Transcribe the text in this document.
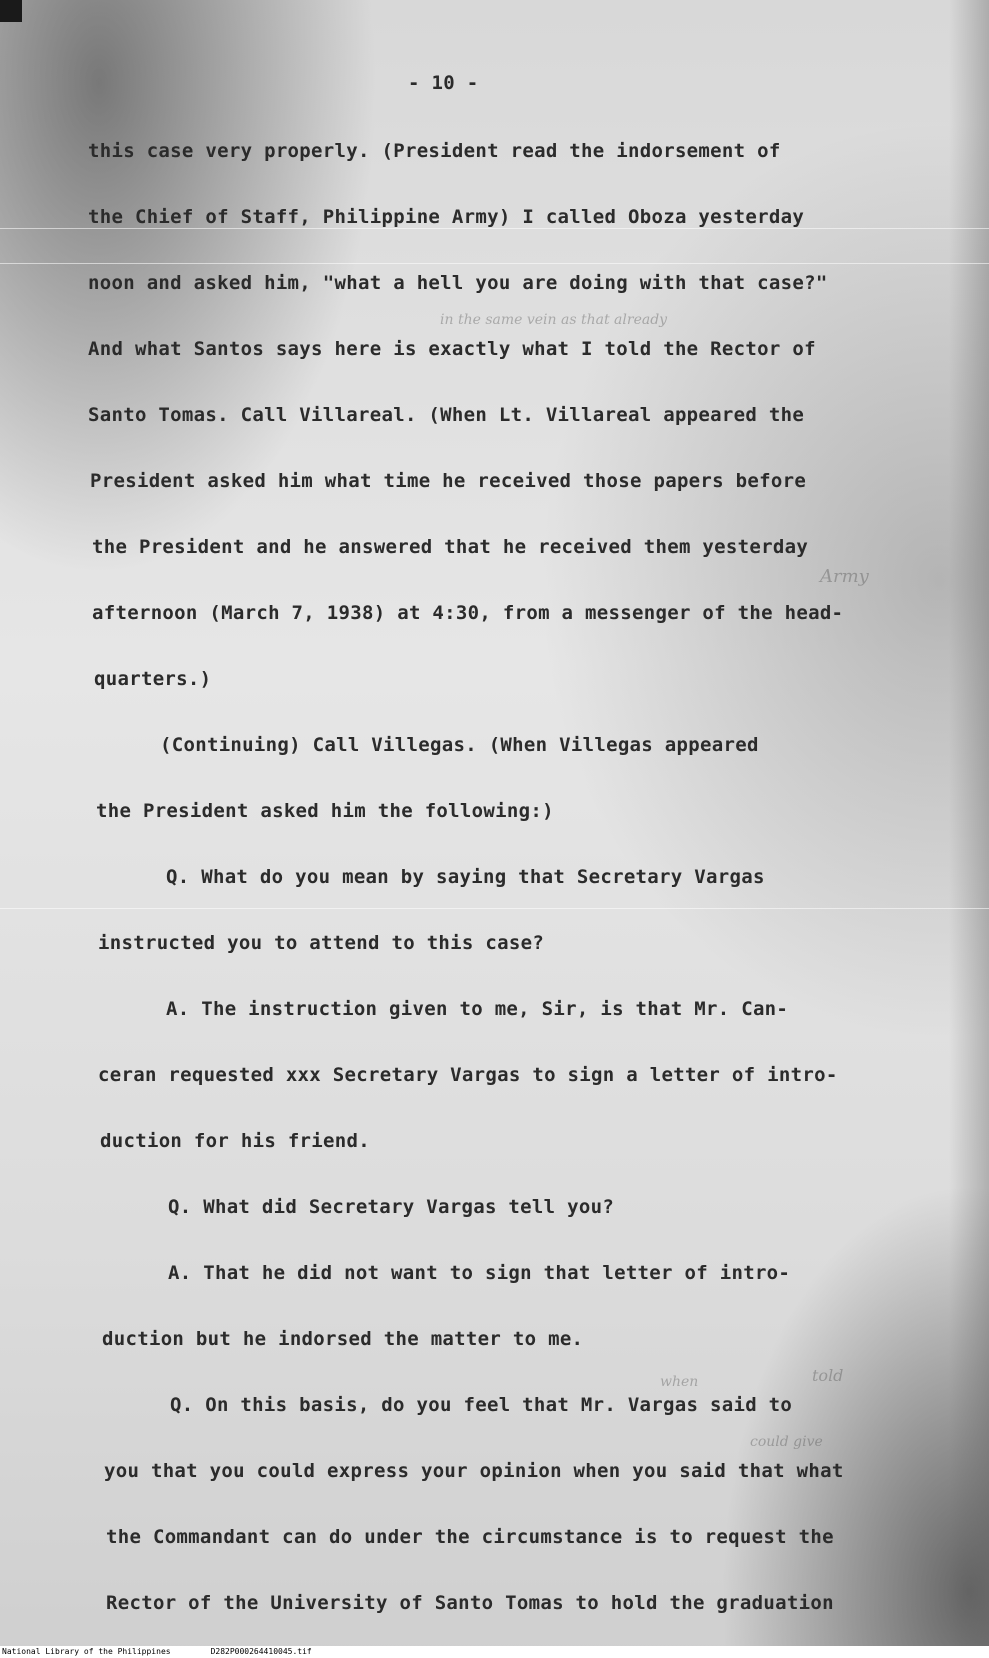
- 10 -
this case very properly. (President read the indorsement of
the Chief of Staff, Philippine Army) I called Oboza yesterday
noon and asked him, "what a hell you are doing with that case?"
And what Santos says here is exactly what I told the Rector of
Santo Tomas. Call Villareal. (When Lt. Villareal appeared the
President asked him what time he received those papers before
the President and he answered that he received them yesterday
afternoon (March 7, 1938) at 4:30, from a messenger of the head-
quarters.)
(Continuing) Call Villegas. (When Villegas appeared
the President asked him the following:)
Q. What do you mean by saying that Secretary Vargas
instructed you to attend to this case?
A. The instruction given to me, Sir, is that Mr. Can-
ceran requested xxx Secretary Vargas to sign a letter of intro-
duction for his friend.
Q. What did Secretary Vargas tell you?
A. That he did not want to sign that letter of intro-
duction but he indorsed the matter to me.
Q. On this basis, do you feel that Mr. Vargas said to
you that you could express your opinion when you said that what
the Commandant can do under the circumstance is to request the
Rector of the University of Santo Tomas to hold the graduation
in the same vein as that already
Army
when	told
could give
National Library of the Philippines	D282P000264410045.tif
